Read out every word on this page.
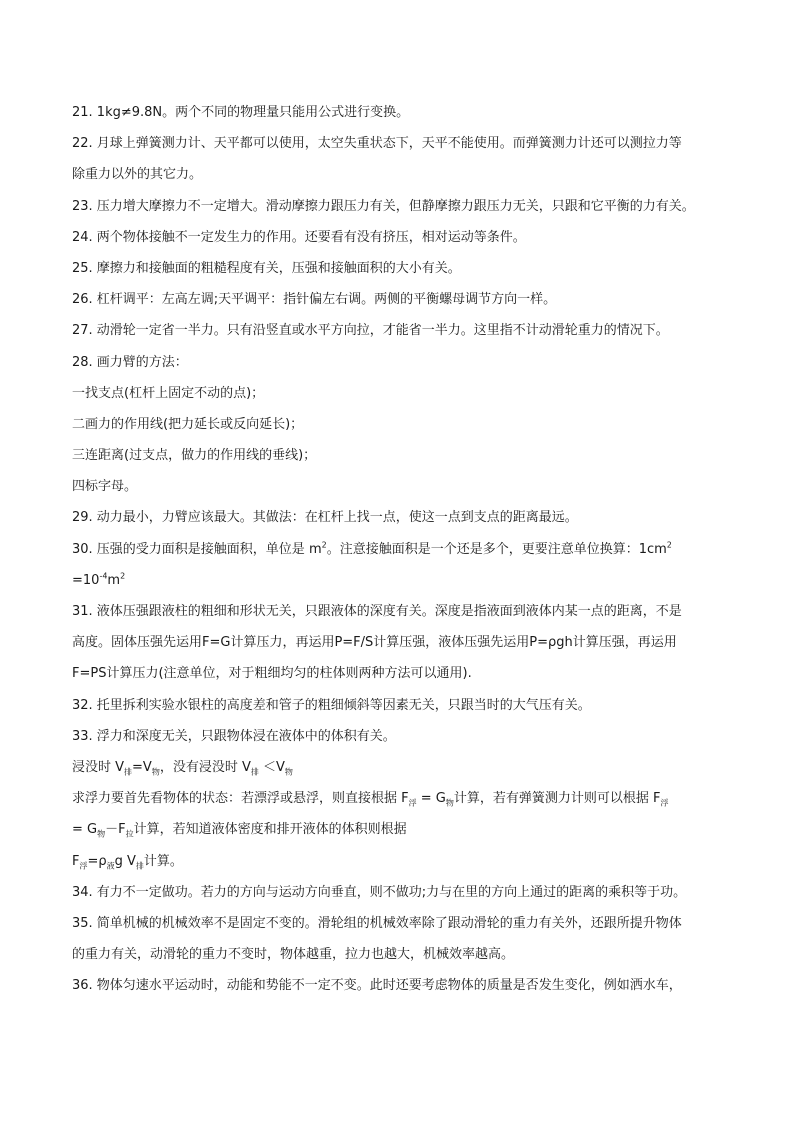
21. 1kg≠9.8N。两个不同的物理量只能用公式进行变换。
22. 月球上弹簧测力计、天平都可以使用，太空失重状态下，天平不能使用。而弹簧测力计还可以测拉力等
除重力以外的其它力。
23. 压力增大摩擦力不一定增大。滑动摩擦力跟压力有关，但静摩擦力跟压力无关，只跟和它平衡的力有关。
24. 两个物体接触不一定发生力的作用。还要看有没有挤压，相对运动等条件。
25. 摩擦力和接触面的粗糙程度有关，压强和接触面积的大小有关。
26. 杠杆调平：左高左调;天平调平：指针偏左右调。两侧的平衡螺母调节方向一样。
27. 动滑轮一定省一半力。只有沿竖直或水平方向拉，才能省一半力。这里指不计动滑轮重力的情况下。
28. 画力臂的方法：
一找支点(杠杆上固定不动的点)；
二画力的作用线(把力延长或反向延长)；
三连距离(过支点，做力的作用线的垂线)；
四标字母。
29. 动力最小，力臂应该最大。其做法：在杠杆上找一点，使这一点到支点的距离最远。
30. 压强的受力面积是接触面积，单位是 $m^2$。注意接触面积是一个还是多个，更要注意单位换算：$1cm^2$
$=10^{-4}m^2$
31. 液体压强跟液柱的粗细和形状无关，只跟液体的深度有关。深度是指液面到液体内某一点的距离，不是
高度。固体压强先运用F=G计算压力，再运用P=F/S计算压强，液体压强先运用P=ρgh计算压强，再运用
F=PS计算压力(注意单位，对于粗细均匀的柱体则两种方法可以通用).
32. 托里拆利实验水银柱的高度差和管子的粗细倾斜等因素无关，只跟当时的大气压有关。
33. 浮力和深度无关，只跟物体浸在液体中的体积有关。
浸没时 $V_排=V_物$，没有浸没时 $V_排 <V_物$
求浮力要首先看物体的状态：若漂浮或悬浮，则直接根据 $F_浮 = G_物$计算，若有弹簧测力计则可以根据 $F_浮$
= $G_物-F_拉$计算，若知道液体密度和排开液体的体积则根据
$F_浮=\rho_液g$ $V_排$计算。
34. 有力不一定做功。若力的方向与运动方向垂直，则不做功;力与在里的方向上通过的距离的乘积等于功。
35. 简单机械的机械效率不是固定不变的。滑轮组的机械效率除了跟动滑轮的重力有关外，还跟所提升物体
的重力有关，动滑轮的重力不变时，物体越重，拉力也越大，机械效率越高。
36. 物体匀速水平运动时，动能和势能不一定不变。此时还要考虑物体的质量是否发生变化，例如洒水车，
